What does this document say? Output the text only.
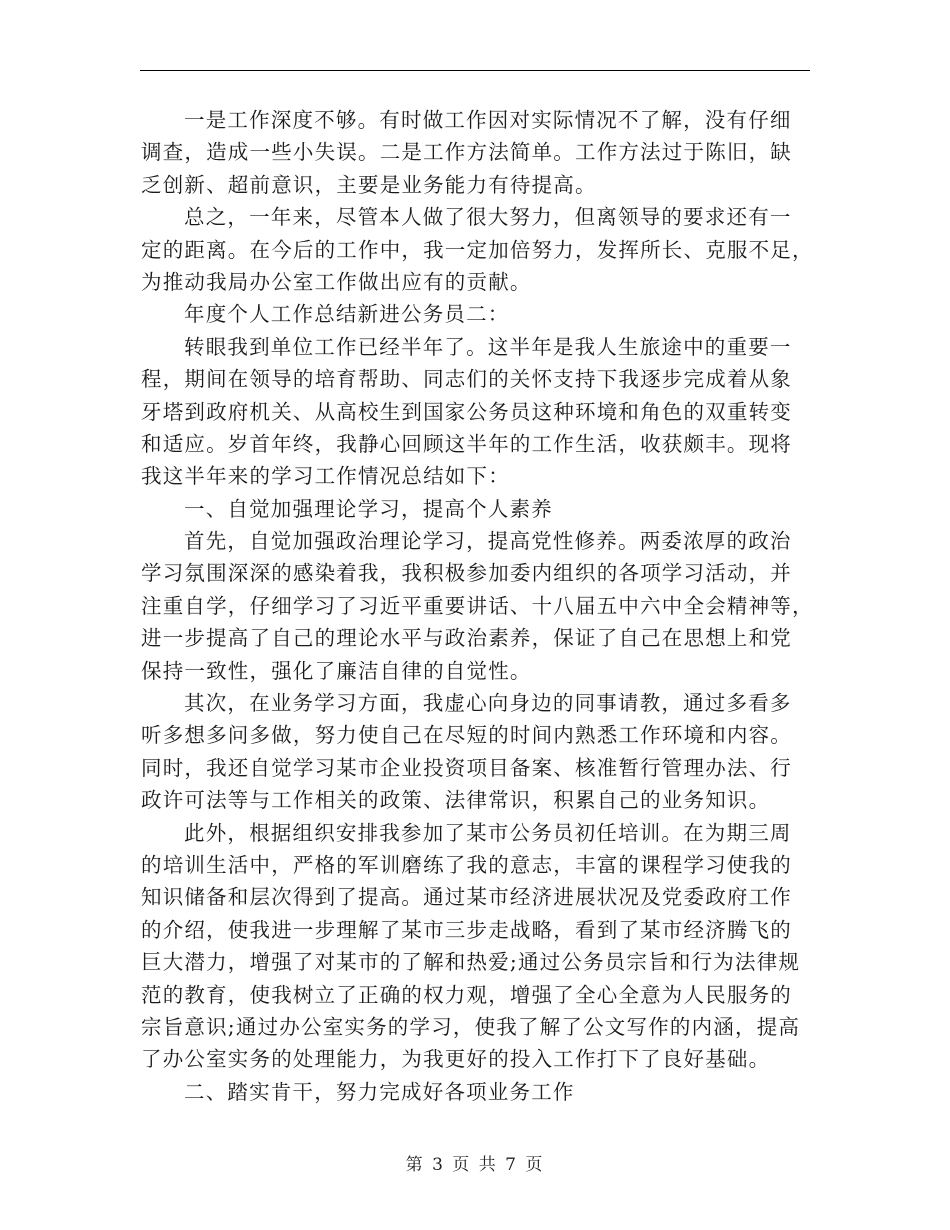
一是工作深度不够。有时做工作因对实际情况不了解，没有仔细
调查，造成一些小失误。二是工作方法简单。工作方法过于陈旧，缺
乏创新、超前意识，主要是业务能力有待提高。
总之，一年来，尽管本人做了很大努力，但离领导的要求还有一
定的距离。在今后的工作中，我一定加倍努力，发挥所长、克服不足，
为推动我局办公室工作做出应有的贡献。
年度个人工作总结新进公务员二：
转眼我到单位工作已经半年了。这半年是我人生旅途中的重要一
程，期间在领导的培育帮助、同志们的关怀支持下我逐步完成着从象
牙塔到政府机关、从高校生到国家公务员这种环境和角色的双重转变
和适应。岁首年终，我静心回顾这半年的工作生活，收获颇丰。现将
我这半年来的学习工作情况总结如下：
一、自觉加强理论学习，提高个人素养
首先，自觉加强政治理论学习，提高党性修养。两委浓厚的政治
学习氛围深深的感染着我，我积极参加委内组织的各项学习活动，并
注重自学，仔细学习了习近平重要讲话、十八届五中六中全会精神等，
进一步提高了自己的理论水平与政治素养，保证了自己在思想上和党
保持一致性，强化了廉洁自律的自觉性。
其次，在业务学习方面，我虚心向身边的同事请教，通过多看多
听多想多问多做，努力使自己在尽短的时间内熟悉工作环境和内容。
同时，我还自觉学习某市企业投资项目备案、核准暂行管理办法、行
政许可法等与工作相关的政策、法律常识，积累自己的业务知识。
此外，根据组织安排我参加了某市公务员初任培训。在为期三周
的培训生活中，严格的军训磨练了我的意志，丰富的课程学习使我的
知识储备和层次得到了提高。通过某市经济进展状况及党委政府工作
的介绍，使我进一步理解了某市三步走战略，看到了某市经济腾飞的
巨大潜力，增强了对某市的了解和热爱;通过公务员宗旨和行为法律规
范的教育，使我树立了正确的权力观，增强了全心全意为人民服务的
宗旨意识;通过办公室实务的学习，使我了解了公文写作的内涵，提高
了办公室实务的处理能力，为我更好的投入工作打下了良好基础。
二、踏实肯干，努力完成好各项业务工作
第 3 页 共 7 页
